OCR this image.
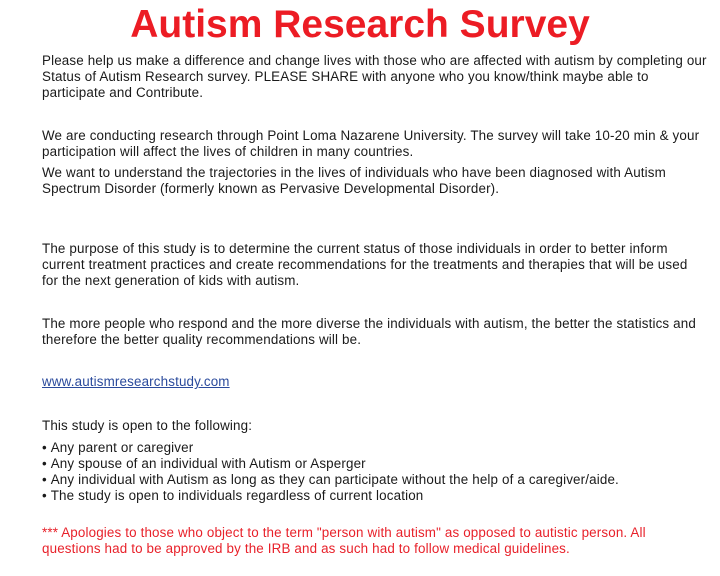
Autism Research Survey

Please help us make a difference and change lives with those who are affected with autism by completing our Status of Autism Research survey. PLEASE SHARE with anyone who you know/think maybe able to participate and Contribute.

We are conducting research through Point Loma Nazarene University. The survey will take 10-20 min & your participation will affect the lives of children in many countries.

We want to understand the trajectories in the lives of individuals who have been diagnosed with Autism Spectrum Disorder (formerly known as Pervasive Developmental Disorder).

The purpose of this study is to determine the current status of those individuals in order to better inform current treatment practices and create recommendations for the treatments and therapies that will be used for the next generation of kids with autism.

The more people who respond and the more diverse the individuals with autism, the better the statistics and therefore the better quality recommendations will be.

www.autismresearchstudy.com

This study is open to the following:

• Any parent or caregiver
• Any spouse of an individual with Autism or Asperger
• Any individual with Autism as long as they can participate without the help of a caregiver/aide.
• The study is open to individuals regardless of current location

*** Apologies to those who object to the term "person with autism" as opposed to autistic person. All questions had to be approved by the IRB and as such had to follow medical guidelines.
